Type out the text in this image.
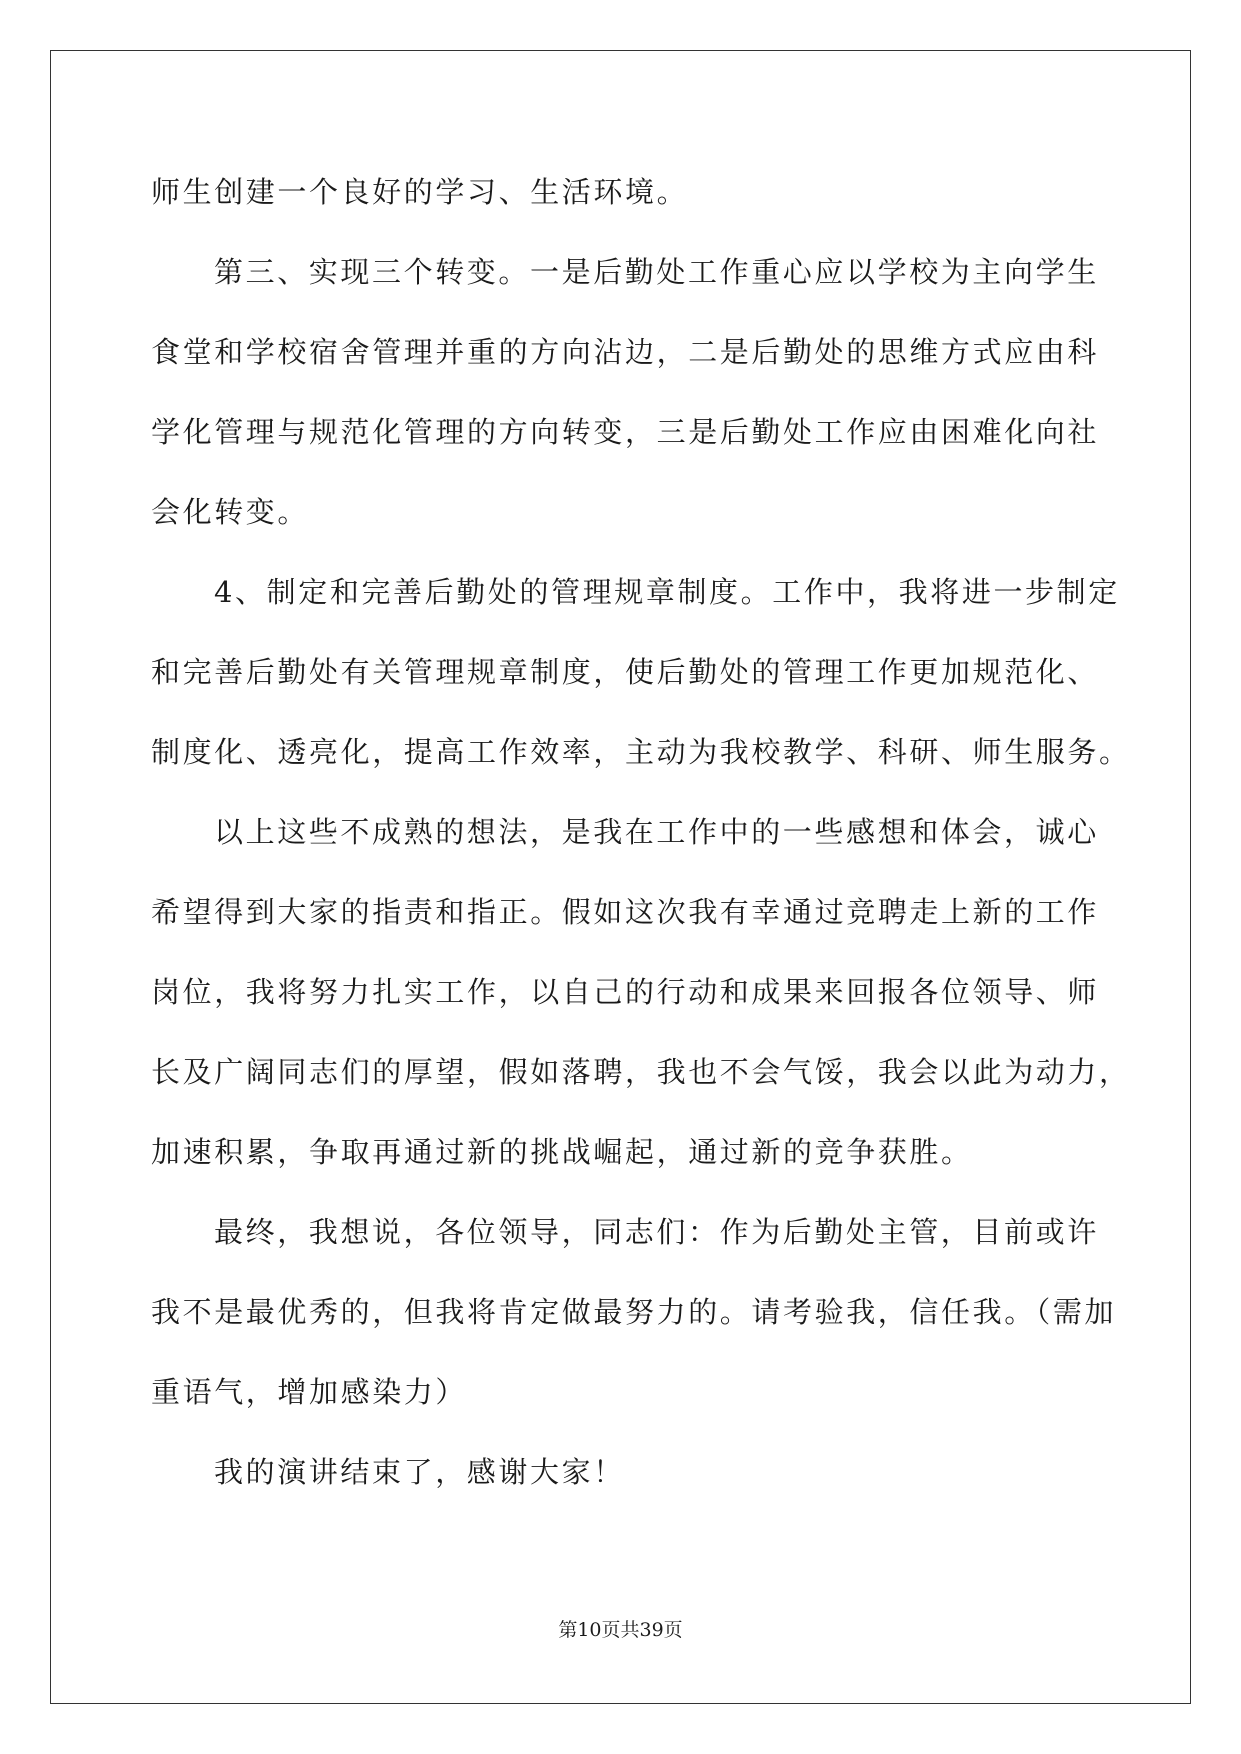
师生创建一个良好的学习、生活环境。
第三、实现三个转变。一是后勤处工作重心应以学校为主向学生
食堂和学校宿舍管理并重的方向沾边，二是后勤处的思维方式应由科
学化管理与规范化管理的方向转变，三是后勤处工作应由困难化向社
会化转变。
4、制定和完善后勤处的管理规章制度。工作中，我将进一步制定
和完善后勤处有关管理规章制度，使后勤处的管理工作更加规范化、
制度化、透亮化，提高工作效率，主动为我校教学、科研、师生服务。
以上这些不成熟的想法，是我在工作中的一些感想和体会，诚心
希望得到大家的指责和指正。假如这次我有幸通过竞聘走上新的工作
岗位，我将努力扎实工作，以自己的行动和成果来回报各位领导、师
长及广阔同志们的厚望，假如落聘，我也不会气馁，我会以此为动力，
加速积累，争取再通过新的挑战崛起，通过新的竞争获胜。
最终，我想说，各位领导，同志们：作为后勤处主管，目前或许
我不是最优秀的，但我将肯定做最努力的。请考验我，信任我。（需加
重语气，增加感染力）
我的演讲结束了，感谢大家！
第10页共39页
